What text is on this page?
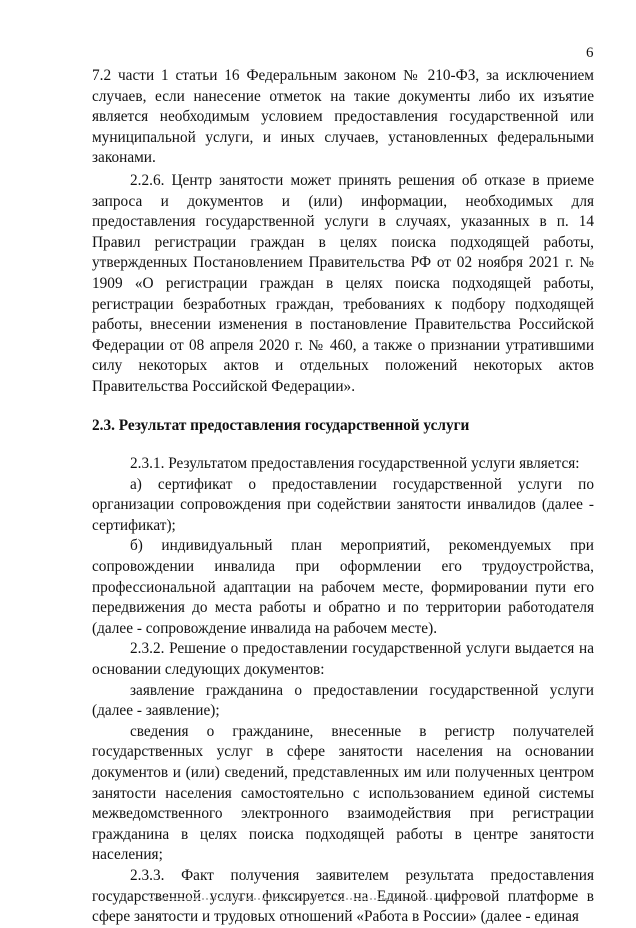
6

7.2 части 1 статьи 16 Федеральным законом № 210-ФЗ, за исключением случаев, если нанесение отметок на такие документы либо их изъятие является необходимым условием предоставления государственной или муниципальной услуги, и иных случаев, установленных федеральными законами.

2.2.6. Центр занятости может принять решения об отказе в приеме запроса и документов и (или) информации, необходимых для предоставления государственной услуги в случаях, указанных в п. 14 Правил регистрации граждан в целях поиска подходящей работы, утвержденных Постановлением Правительства РФ от 02 ноября 2021 г. № 1909 «О регистрации граждан в целях поиска подходящей работы, регистрации безработных граждан, требованиях к подбору подходящей работы, внесении изменения в постановление Правительства Российской Федерации от 08 апреля 2020 г. № 460, а также о признании утратившими силу некоторых актов и отдельных положений некоторых актов Правительства Российской Федерации».

2.3. Результат предоставления государственной услуги

2.3.1. Результатом предоставления государственной услуги является:

а) сертификат о предоставлении государственной услуги по организации сопровождения при содействии занятости инвалидов (далее - сертификат);

б) индивидуальный план мероприятий, рекомендуемых при сопровождении инвалида при оформлении его трудоустройства, профессиональной адаптации на рабочем месте, формировании пути его передвижения до места работы и обратно и по территории работодателя (далее - сопровождение инвалида на рабочем месте).

2.3.2. Решение о предоставлении государственной услуги выдается на основании следующих документов:

заявление гражданина о предоставлении государственной услуги (далее - заявление);

сведения о гражданине, внесенные в регистр получателей государственных услуг в сфере занятости населения на основании документов и (или) сведений, представленных им или полученных центром занятости населения самостоятельно с использованием единой системы межведомственного электронного взаимодействия при регистрации гражданина в целях поиска подходящей работы в центре занятости населения;

2.3.3. Факт получения заявителем результата предоставления государственной услуги фиксируется на Единой цифровой платформе в сфере занятости и трудовых отношений «Работа в России» (далее - единая
